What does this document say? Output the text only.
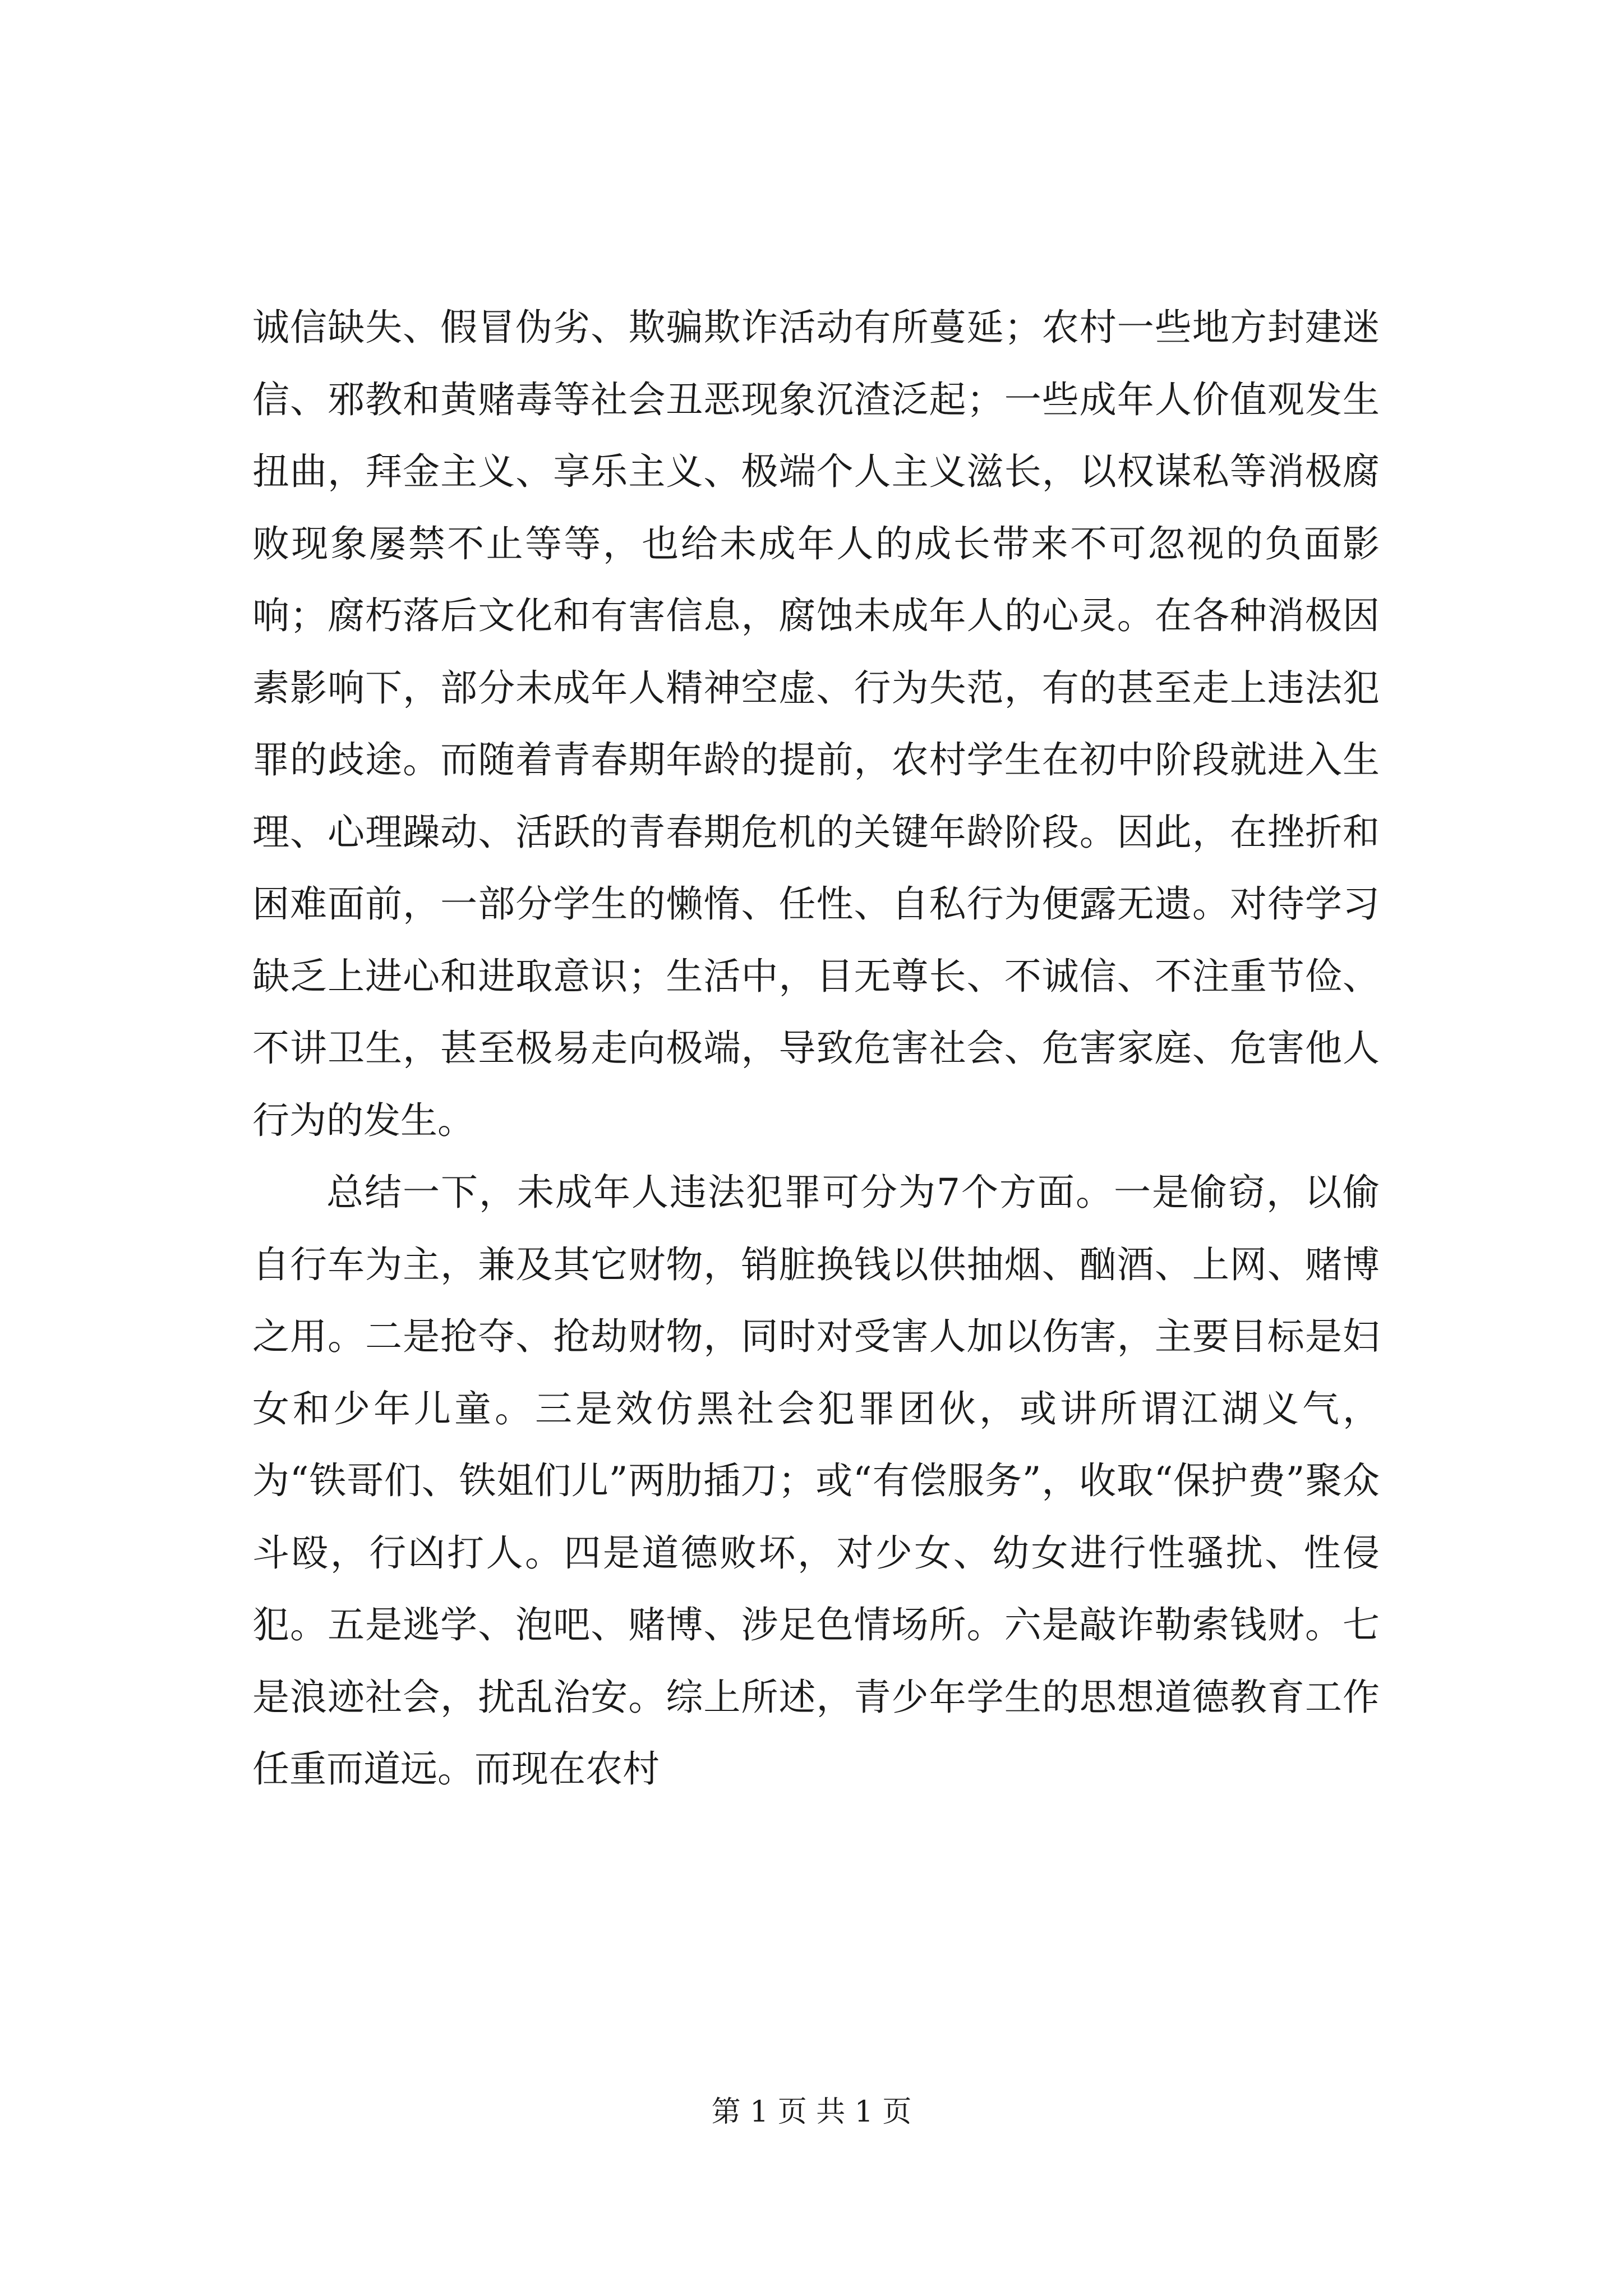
诚信缺失、假冒伪劣、欺骗欺诈活动有所蔓延；农村一些地方封建迷信、邪教和黄赌毒等社会丑恶现象沉渣泛起；一些成年人价值观发生扭曲，拜金主义、享乐主义、极端个人主义滋长，以权谋私等消极腐败现象屡禁不止等等，也给未成年人的成长带来不可忽视的负面影响；腐朽落后文化和有害信息，腐蚀未成年人的心灵。在各种消极因素影响下，部分未成年人精神空虚、行为失范，有的甚至走上违法犯罪的歧途。而随着青春期年龄的提前，农村学生在初中阶段就进入生理、心理躁动、活跃的青春期危机的关键年龄阶段。因此，在挫折和困难面前，一部分学生的懒惰、任性、自私行为便露无遗。对待学习缺乏上进心和进取意识；生活中，目无尊长、不诚信、不注重节俭、不讲卫生，甚至极易走向极端，导致危害社会、危害家庭、危害他人行为的发生。

总结一下，未成年人违法犯罪可分为7个方面。一是偷窃，以偷自行车为主，兼及其它财物，销脏换钱以供抽烟、酗酒、上网、赌博之用。二是抢夺、抢劫财物，同时对受害人加以伤害，主要目标是妇女和少年儿童。三是效仿黑社会犯罪团伙，或讲所谓江湖义气，为“铁哥们、铁姐们儿”两肋插刀；或“有偿服务”，收取“保护费”聚众斗殴，行凶打人。四是道德败坏，对少女、幼女进行性骚扰、性侵犯。五是逃学、泡吧、赌博、涉足色情场所。六是敲诈勒索钱财。七是浪迹社会，扰乱治安。综上所述，青少年学生的思想道德教育工作任重而道远。而现在农村

第 1 页 共 1 页
